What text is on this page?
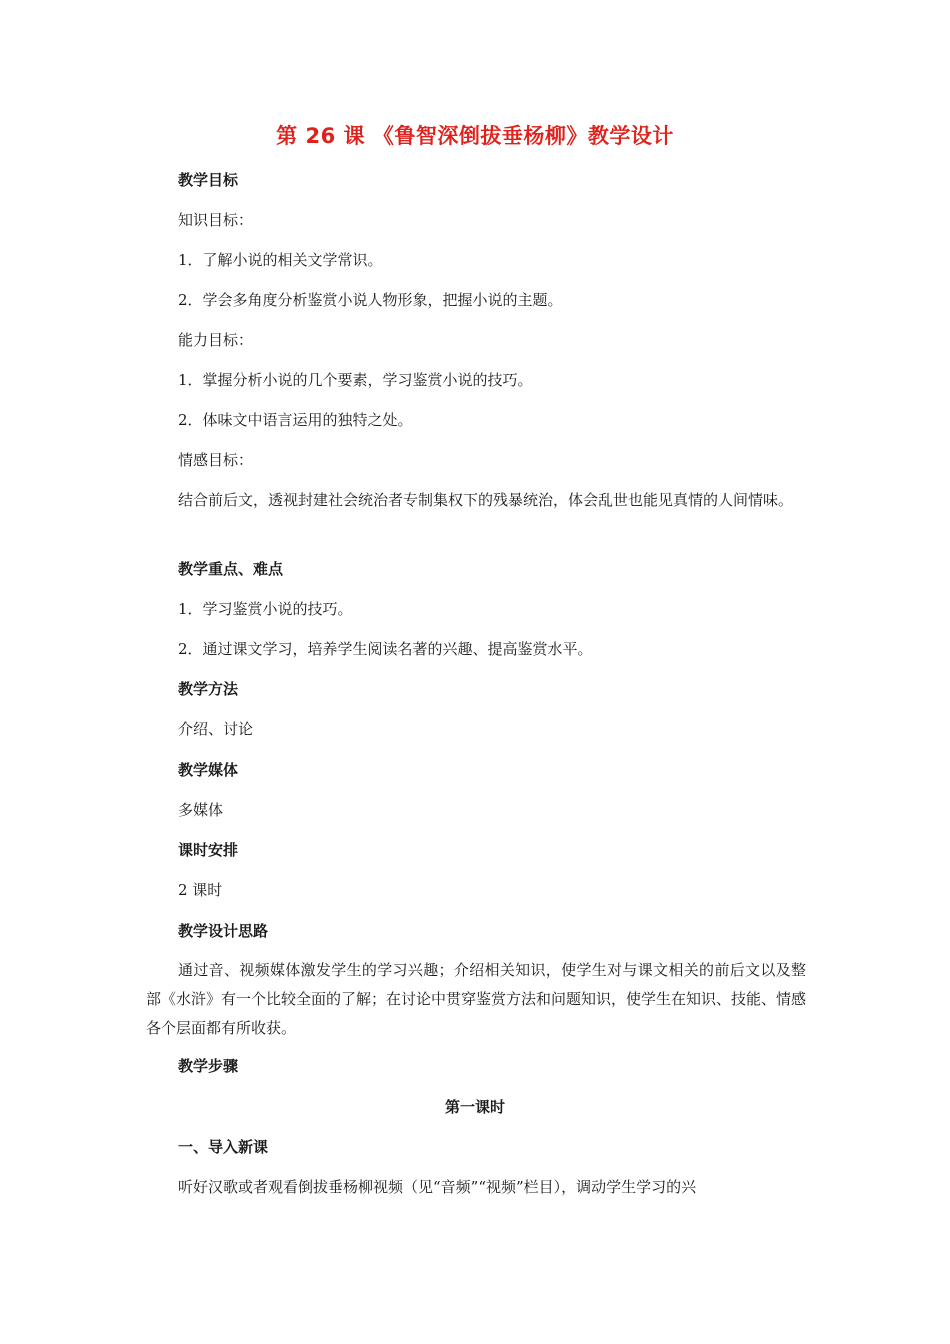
第 26 课 《鲁智深倒拔垂杨柳》教学设计
教学目标
知识目标：
1．了解小说的相关文学常识。
2．学会多角度分析鉴赏小说人物形象，把握小说的主题。
能力目标：
1．掌握分析小说的几个要素，学习鉴赏小说的技巧。
2．体味文中语言运用的独特之处。
情感目标：
结合前后文，透视封建社会统治者专制集权下的残暴统治，体会乱世也能见真情的人间情味。
教学重点、难点
1．学习鉴赏小说的技巧。
2．通过课文学习，培养学生阅读名著的兴趣、提高鉴赏水平。
教学方法
介绍、讨论
教学媒体
多媒体
课时安排
2 课时
教学设计思路
通过音、视频媒体激发学生的学习兴趣；介绍相关知识，使学生对与课文相关的前后文以及整部《水浒》有一个比较全面的了解；在讨论中贯穿鉴赏方法和问题知识，使学生在知识、技能、情感各个层面都有所收获。
教学步骤
第一课时
一、导入新课
听好汉歌或者观看倒拔垂杨柳视频（见“音频”“视频”栏目），调动学生学习的兴
